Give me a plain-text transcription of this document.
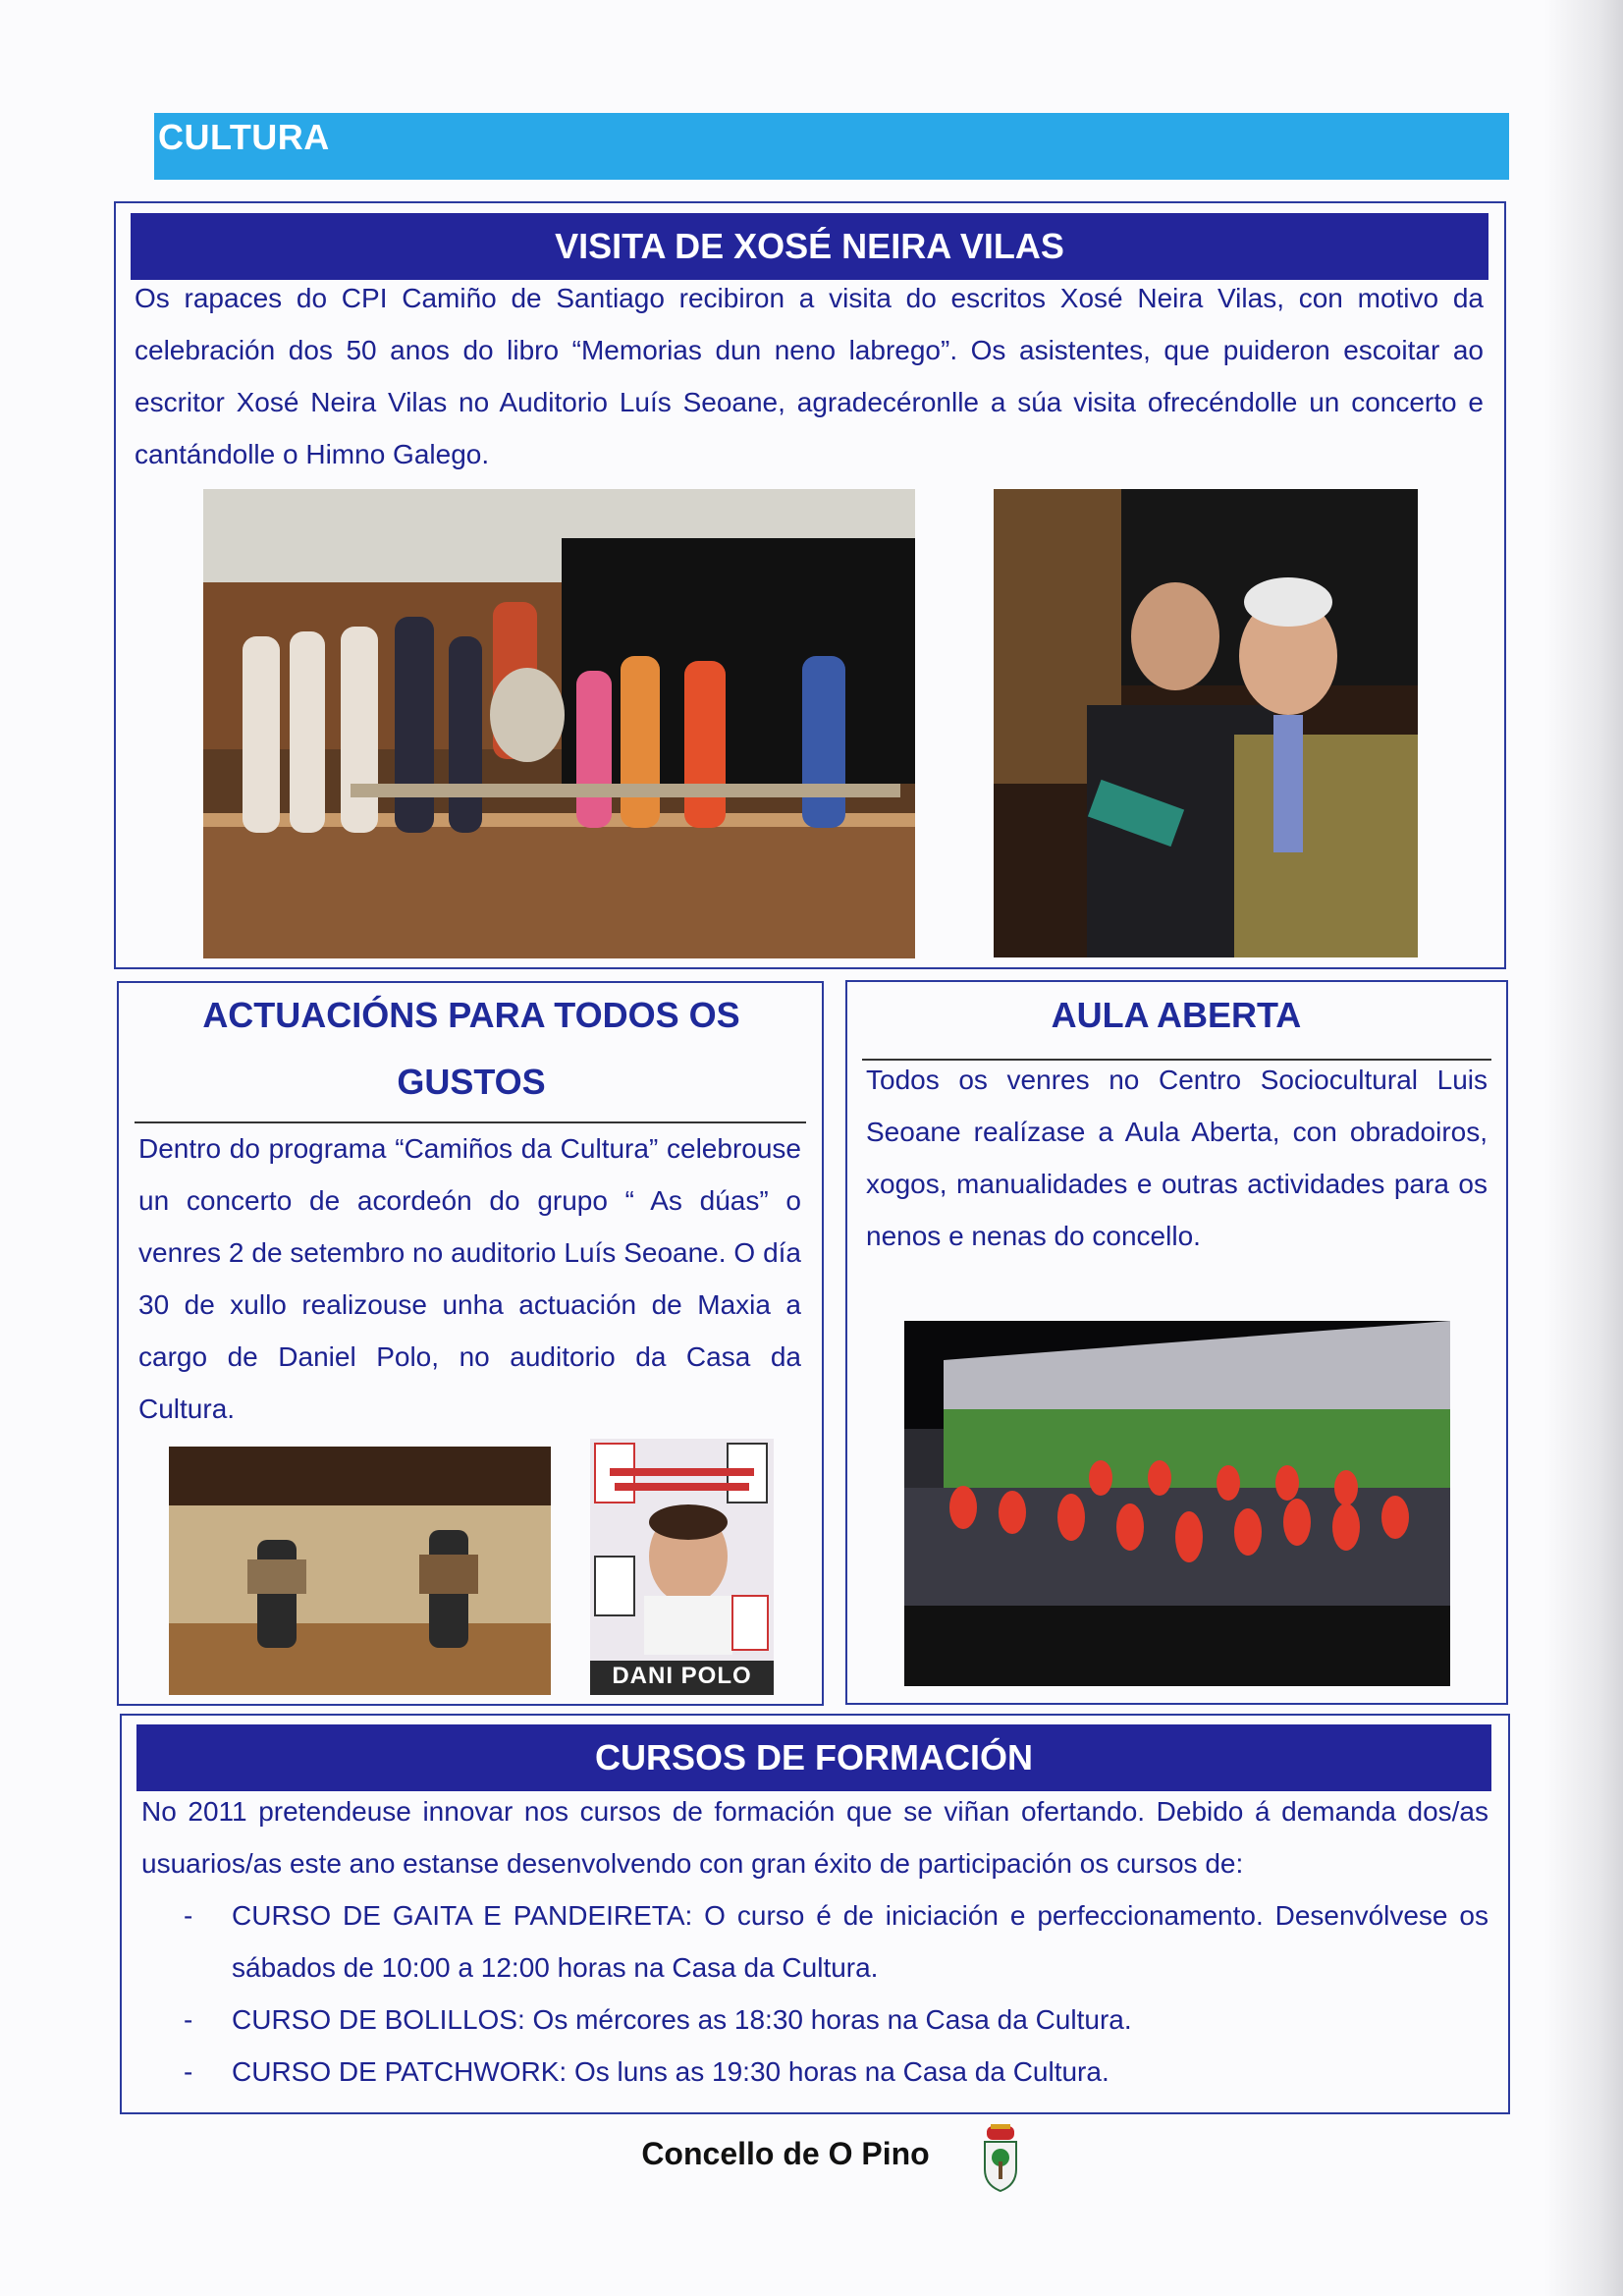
CULTURA
VISITA DE XOSÉ NEIRA VILAS

Os rapaces do CPI Camiño de Santiago recibiron a visita do escritos Xosé Neira Vilas, con motivo da celebración dos 50 anos do libro “Memorias dun neno labrego”. Os asistentes, que puideron escoitar ao escritor Xosé Neira Vilas no Auditorio Luís Seoane, agradecéronlle a súa visita ofrecéndolle un concerto e cantándolle o Himno Galego.

ACTUACIÓNS PARA TODOS OS

GUSTOS

Dentro do programa “Camiños da Cultura” celebrouse un concerto de acordeón do grupo “ As dúas” o venres 2 de setembro no auditorio Luís Seoane. O día 30 de xullo realizouse unha actuación de Maxia a cargo de Daniel Polo, no auditorio da Casa da Cultura.

DANI POLO

AULA ABERTA

Todos os venres no Centro Sociocultural Luis Seoane realízase a Aula Aberta, con obradoiros, xogos, manualidades e outras actividades para os nenos e nenas do concello.

CURSOS DE FORMACIÓN

No 2011 pretendeuse innovar nos cursos de formación que se viñan ofertando. Debido á demanda dos/as usuarios/as este ano estanse desenvolvendo con gran éxito de participación os cursos de:

- CURSO DE GAITA E PANDEIRETA: O curso é de iniciación e perfeccionamento. Desenvólvese os sábados de 10:00 a 12:00 horas na Casa da Cultura.
- CURSO DE BOLILLOS: Os mércores as 18:30 horas na Casa da Cultura.
- CURSO DE PATCHWORK: Os luns as 19:30 horas na Casa da Cultura.
Concello de O Pino
